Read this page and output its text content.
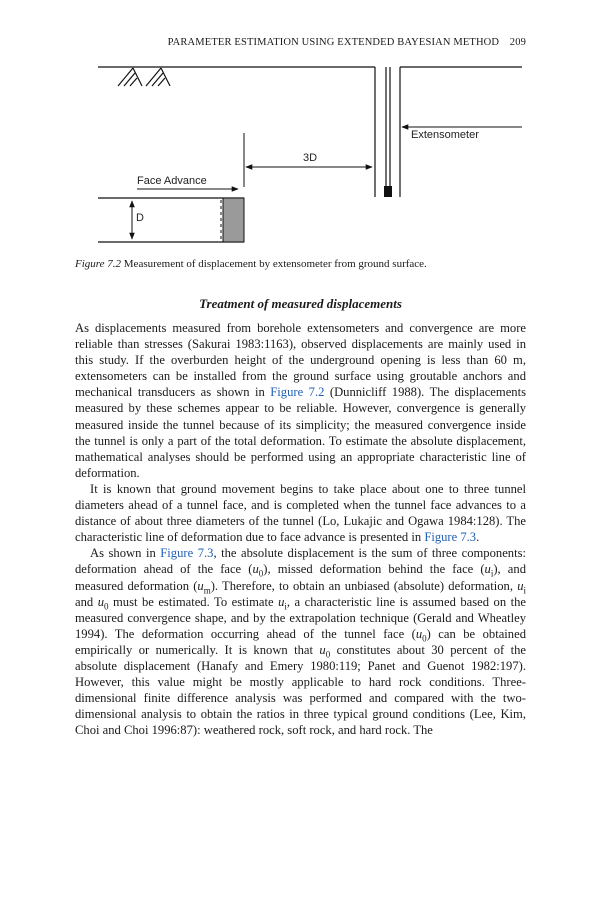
PARAMETER ESTIMATION USING EXTENDED BAYESIAN METHOD 209
Extensometer
3D
Face Advance
D
Figure 7.2 Measurement of displacement by extensometer from ground surface.
Treatment of measured displacements

As displacements measured from borehole extensometers and convergence are more reliable than stresses (Sakurai 1983:1163), observed displacements are mainly used in this study. If the overburden height of the underground opening is less than 60 m, extensometers can be installed from the ground surface using groutable anchors and mechanical transducers as shown in Figure 7.2 (Dunnicliff 1988). The displacements measured by these schemes appear to be reliable. However, convergence is generally measured inside the tunnel because of its simplicity; the measured convergence inside the tunnel is only a part of the total deformation. To estimate the absolute displacement, mathematical analyses should be performed using an appropriate characteristic line of deformation.

It is known that ground movement begins to take place about one to three tunnel diameters ahead of a tunnel face, and is completed when the tunnel face advances to a distance of about three diameters of the tunnel (Lo, Lukajic and Ogawa 1984:128). The characteristic line of deformation due to face advance is presented in Figure 7.3.

As shown in Figure 7.3, the absolute displacement is the sum of three components: deformation ahead of the face $(u_0)$, missed deformation behind the face $(u_i)$, and measured deformation $(u_m)$. Therefore, to obtain an unbiased (absolute) deformation, $u_i$ and $u_0$ must be estimated. To estimate $u_i$, a characteristic line is assumed based on the measured convergence shape, and by the extrapolation technique (Gerald and Wheatley 1994). The deformation occurring ahead of the tunnel face $(u_0)$ can be obtained empirically or numerically. It is known that $u_0$ constitutes about 30 percent of the absolute displacement (Hanafy and Emery 1980:119; Panet and Guenot 1982:197). However, this value might be mostly applicable to hard rock conditions. Three-dimensional finite difference analysis was performed and compared with the two-dimensional analysis to obtain the ratios in three typical ground conditions (Lee, Kim, Choi and Choi 1996:87): weathered rock, soft rock, and hard rock. The
